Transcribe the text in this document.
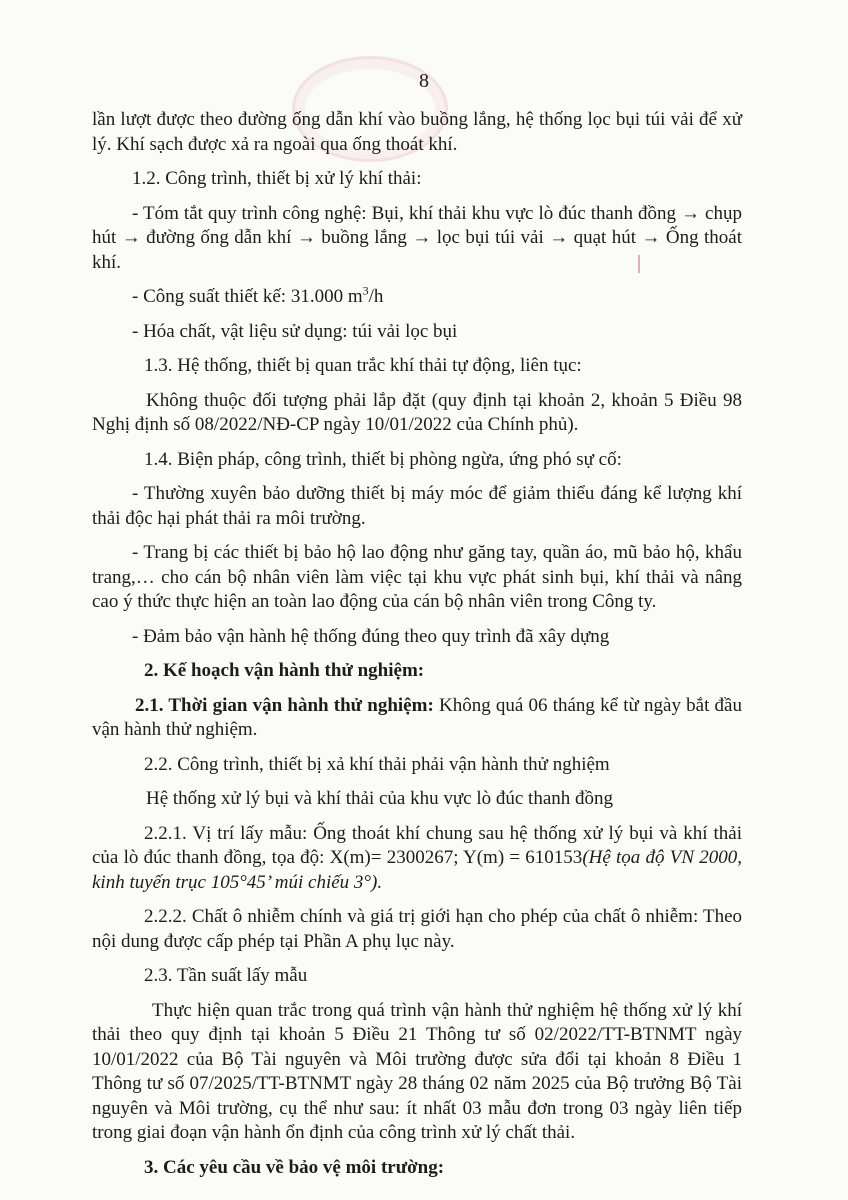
8

lần lượt được theo đường ống dẫn khí vào buồng lắng, hệ thống lọc bụi túi vải để xử lý. Khí sạch được xả ra ngoài qua ống thoát khí.

1.2. Công trình, thiết bị xử lý khí thải:

- Tóm tắt quy trình công nghệ: Bụi, khí thải khu vực lò đúc thanh đồng → chụp hút → đường ống dẫn khí → buồng lắng → lọc bụi túi vải → quạt hút → Ống thoát khí.

- Công suất thiết kế: 31.000 $m^3/h$

- Hóa chất, vật liệu sử dụng: túi vải lọc bụi

1.3. Hệ thống, thiết bị quan trắc khí thải tự động, liên tục:

Không thuộc đối tượng phải lắp đặt (quy định tại khoản 2, khoản 5 Điều 98 Nghị định số 08/2022/NĐ-CP ngày 10/01/2022 của Chính phủ).

1.4. Biện pháp, công trình, thiết bị phòng ngừa, ứng phó sự cố:

- Thường xuyên bảo dưỡng thiết bị máy móc để giảm thiểu đáng kể lượng khí thải độc hại phát thải ra môi trường.

- Trang bị các thiết bị bảo hộ lao động như găng tay, quần áo, mũ bảo hộ, khẩu trang,… cho cán bộ nhân viên làm việc tại khu vực phát sinh bụi, khí thải và nâng cao ý thức thực hiện an toàn lao động của cán bộ nhân viên trong Công ty.

- Đảm bảo vận hành hệ thống đúng theo quy trình đã xây dựng

2. Kế hoạch vận hành thử nghiệm:

2.1. Thời gian vận hành thử nghiệm: Không quá 06 tháng kể từ ngày bắt đầu vận hành thử nghiệm.

2.2. Công trình, thiết bị xả khí thải phải vận hành thử nghiệm

Hệ thống xử lý bụi và khí thải của khu vực lò đúc thanh đồng

2.2.1. Vị trí lấy mẫu: Ống thoát khí chung sau hệ thống xử lý bụi và khí thải của lò đúc thanh đồng, tọa độ: X(m)= 2300267; Y(m) = 610153(Hệ tọa độ VN 2000, kinh tuyến trục 105°45’ múi chiếu 3°).

2.2.2. Chất ô nhiễm chính và giá trị giới hạn cho phép của chất ô nhiễm: Theo nội dung được cấp phép tại Phần A phụ lục này.

2.3. Tần suất lấy mẫu

Thực hiện quan trắc trong quá trình vận hành thử nghiệm hệ thống xử lý khí thải theo quy định tại khoản 5 Điều 21 Thông tư số 02/2022/TT-BTNMT ngày 10/01/2022 của Bộ Tài nguyên và Môi trường được sửa đổi tại khoản 8 Điều 1 Thông tư số 07/2025/TT-BTNMT ngày 28 tháng 02 năm 2025 của Bộ trưởng Bộ Tài nguyên và Môi trường, cụ thể như sau: ít nhất 03 mẫu đơn trong 03 ngày liên tiếp trong giai đoạn vận hành ổn định của công trình xử lý chất thải.

3. Các yêu cầu về bảo vệ môi trường:
